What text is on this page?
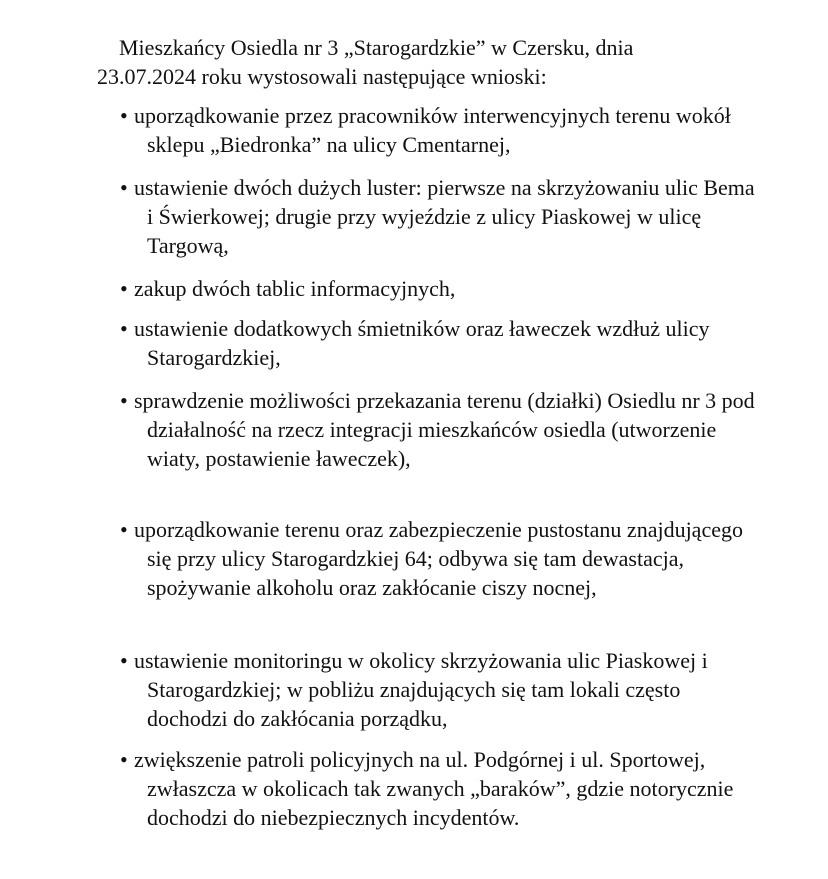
Mieszkańcy Osiedla nr 3 „Starogardzkie” w Czersku, dnia 23.07.2024 roku wystosowali następujące wnioski:

• uporządkowanie przez pracowników interwencyjnych terenu wokół sklepu „Biedronka” na ulicy Cmentarnej,
• ustawienie dwóch dużych luster: pierwsze na skrzyżowaniu ulic Bema i Świerkowej; drugie przy wyjeździe z ulicy Piaskowej w ulicę Targową,
• zakup dwóch tablic informacyjnych,
• ustawienie dodatkowych śmietników oraz ławeczek wzdłuż ulicy Starogardzkiej,
• sprawdzenie możliwości przekazania terenu (działki) Osiedlu nr 3 pod działalność na rzecz integracji mieszkańców osiedla (utworzenie wiaty, postawienie ławeczek),
• uporządkowanie terenu oraz zabezpieczenie pustostanu znajdującego się przy ulicy Starogardzkiej 64; odbywa się tam dewastacja, spożywanie alkoholu oraz zakłócanie ciszy nocnej,
• ustawienie monitoringu w okolicy skrzyżowania ulic Piaskowej i Starogardzkiej; w pobliżu znajdujących się tam lokali często dochodzi do zakłócania porządku,
• zwiększenie patroli policyjnych na ul. Podgórnej i ul. Sportowej, zwłaszcza w okolicach tak zwanych „baraków”, gdzie notorycznie dochodzi do niebezpiecznych incydentów.
